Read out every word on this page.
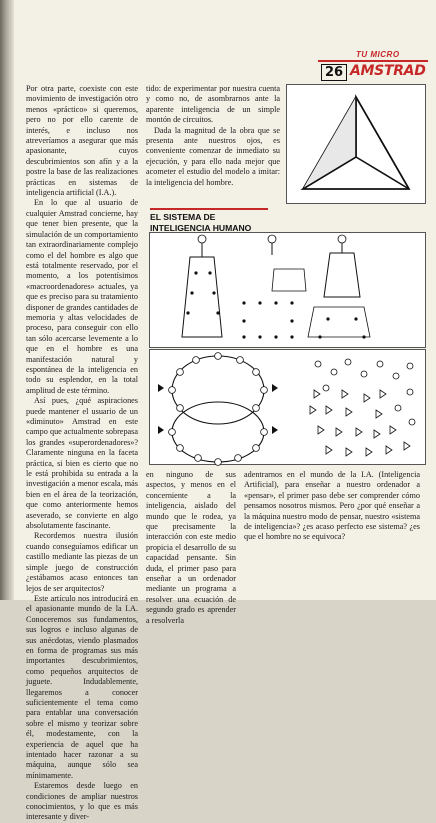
TU MICRO
26 AMSTRAD

Por otra parte, coexiste con este movimiento de investigación otro menos «práctico» si queremos, pero no por ello carente de interés, e incluso nos atreveríamos a asegurar que más apasionante, cuyos descubrimientos son afín y a la postre la base de las realizaciones prácticas en sistemas de inteligencia artificial (I.A.).

En lo que al usuario de cualquier Amstrad concierne, hay que tener bien presente, que la simulación de un comportamiento tan extraordinariamente complejo como el del hombre es algo que está totalmente reservado, por el momento, a los potentísimos «macroordenadores» actuales, ya que es preciso para su tratamiento disponer de grandes cantidades de memoria y altas velocidades de proceso, para conseguir con ello tan sólo acercarse levemente a lo que en el hombre es una manifestación natural y espontánea de la inteligencia en todo su esplendor, en la total amplitud de este término.

Así pues, ¿qué aspiraciones puede mantener el usuario de un «diminuto» Amstrad en este campo que actualmente sobrepasa los grandes «superordenadores»? Claramente ninguna en la faceta práctica, si bien es cierto que no le está prohibida su entrada a la investigación a menor escala, más bien en el área de la teorización, que como anteriormente hemos aseverado, se convierte en algo absolutamente fascinante.

Recordemos nuestra ilusión cuando conseguíamos edificar un castillo mediante las piezas de un simple juego de construcción ¿estábamos acaso entonces tan lejos de ser arquitectos?

Este artículo nos introducirá en el apasionante mundo de la I.A. Conoceremos sus fundamentos, sus logros e incluso algunas de sus anécdotas, viendo plasmados en forma de programas sus más importantes descubrimientos, como pequeños arquitectos de juguete. Indudablemente, llegaremos a conocer suficientemente el tema como para entablar una conversación sobre el mismo y teorizar sobre él, modestamente, con la experiencia de aquel que ha intentado hacer razonar a su máquina, aunque sólo sea mínimamente.

Estaremos desde luego en condiciones de ampliar nuestros conocimientos, y lo que es más interesante y diver-

tido: de experimentar por nuestra cuenta y como no, de asombrarnos ante la aparente inteligencia de un simple montón de circuitos.

Dada la magnitud de la obra que se presenta ante nuestros ojos, es conveniente comenzar de inmediato su ejecución, y para ello nada mejor que acometer el estudio del modelo a imitar: la inteligencia del hombre.

EL SISTEMA DE INTELIGENCIA HUMANO
en ninguno de sus aspectos, y menos en el concerniente a la inteligencia, aislado del mundo que le rodea, ya que precisamente la interacción con este medio propicia el desarrollo de su capacidad pensante. Sin duda, el primer paso para enseñar a un ordenador mediante un programa a resolver una ecuación de segundo grado es aprender a resolverla
adentrarnos en el mundo de la I.A. (Inteligencia Artificial), para enseñar a nuestro ordenador a «pensar», el primer paso debe ser comprender cómo pensamos nosotros mismos. Pero ¿por qué enseñar a la máquina nuestro modo de pensar, nuestro «sistema de inteligencia»? ¿es acaso perfecto ese sistema? ¿es que el hombre no se equivoca?
